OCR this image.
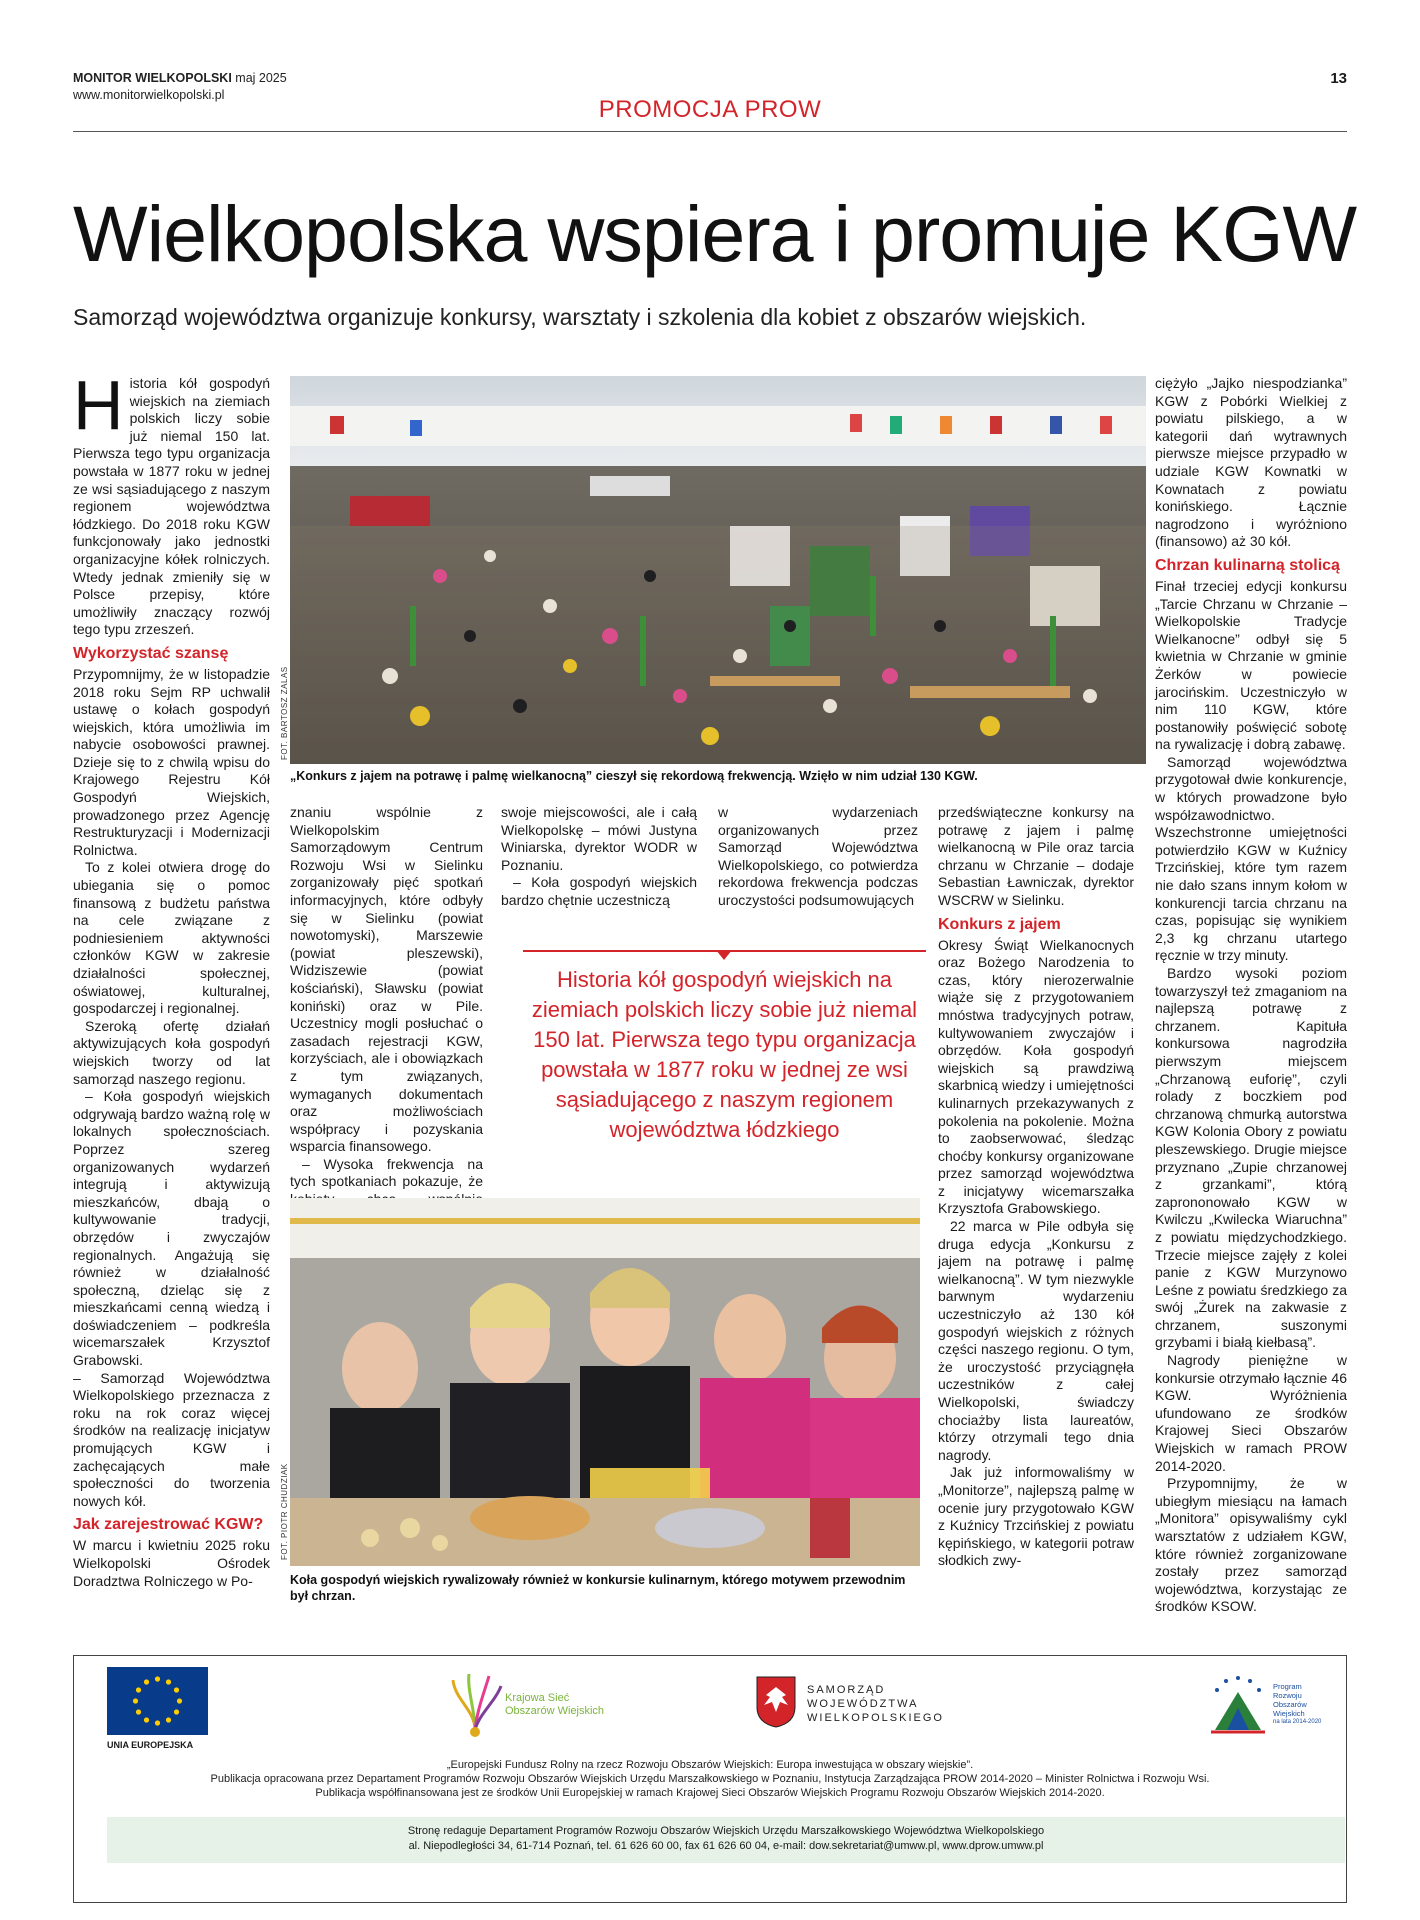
MONITOR WIELKOPOLSKI maj 2025
www.monitorwielkopolski.pl
13
PROMOCJA PROW
Wielkopolska wspiera i promuje KGW
Samorząd województwa organizuje konkursy, warsztaty i szkolenia dla kobiet z obszarów wiejskich.

Historia kół gospodyń wiejskich na ziemiach polskich liczy sobie już niemal 150 lat. Pierwsza tego typu organizacja powstała w 1877 roku w jednej ze wsi sąsiadującego z naszym regionem województwa łódzkiego. Do 2018 roku KGW funkcjonowały jako jednostki organizacyjne kółek rolniczych. Wtedy jednak zmieniły się w Polsce przepisy, które umożliwiły znaczący rozwój tego typu zrzeszeń.

Wykorzystać szansę

Przypomnijmy, że w listopadzie 2018 roku Sejm RP uchwalił ustawę o kołach gospodyń wiejskich, która umożliwia im nabycie osobowości prawnej. Dzieje się to z chwilą wpisu do Krajowego Rejestru Kół Gospodyń Wiejskich, prowadzonego przez Agencję Restrukturyzacji i Modernizacji Rolnictwa.

To z kolei otwiera drogę do ubiegania się o pomoc finansową z budżetu państwa na cele związane z podniesieniem aktywności członków KGW w zakresie działalności społecznej, oświatowej, kulturalnej, gospodarczej i regionalnej.

Szeroką ofertę działań aktywizujących koła gospodyń wiejskich tworzy od lat samorząd naszego regionu.

– Koła gospodyń wiejskich odgrywają bardzo ważną rolę w lokalnych społecznościach. Poprzez szereg organizowanych wydarzeń integrują i aktywizują mieszkańców, dbają o kultywowanie tradycji, obrzędów i zwyczajów regionalnych. Angażują się również w działalność społeczną, dzieląc się z mieszkańcami cenną wiedzą i doświadczeniem – podkreśla wicemarszałek Krzysztof Grabowski.

– Samorząd Województwa Wielkopolskiego przeznacza z roku na rok coraz więcej środków na realizację inicjatyw promujących KGW i zachęcających małe społeczności do tworzenia nowych kół.

Jak zarejestrować KGW?

W marcu i kwietniu 2025 roku Wielkopolski Ośrodek Doradztwa Rolniczego w Po-

FOT. BARTOSZ ZALAS
„Konkurs z jajem na potrawę i palmę wielkanocną” cieszył się rekordową frekwencją. Wzięło w nim udział 130 KGW.

znaniu wspólnie z Wielkopolskim Samorządowym Centrum Rozwoju Wsi w Sielinku zorganizowały pięć spotkań informacyjnych, które odbyły się w Sielinku (powiat nowotomyski), Marszewie (powiat pleszewski), Widziszewie (powiat kościański), Sławsku (powiat koniński) oraz w Pile. Uczestnicy mogli posłuchać o zasadach rejestracji KGW, korzyściach, ale i obowiązkach z tym związanych, wymaganych dokumentach oraz możliwościach współpracy i pozyskania wsparcia finansowego.

– Wysoka frekwencja na tych spotkaniach pokazuje, że

swoje miejscowości, ale i całą Wielkopolskę – mówi Justyna Winiarska, dyrektor WODR w Poznaniu.

– Koła gospodyń wiejskich bardzo chętnie uczestniczą

w wydarzeniach organizowanych przez Samorząd Województwa Wielkopolskiego, co potwierdza rekordowa frekwencja podczas uroczystości podsumowujących

Historia kół gospodyń wiejskich na ziemiach polskich liczy sobie już niemal 150 lat. Pierwsza tego typu organizacja powstała w 1877 roku w jednej ze wsi sąsiadującego z naszym regionem województwa łódzkiego
FOT. PIOTR CHUDZIAK
Koła gospodyń wiejskich rywalizowały również w konkursie kulinarnym, którego motywem przewodnim był chrzan.

przedświąteczne konkursy na potrawę z jajem i palmę wielkanocną w Pile oraz tarcia chrzanu w Chrzanie – dodaje Sebastian Ławniczak, dyrektor WSCRW w Sielinku.

Konkurs z jajem

Okresy Świąt Wielkanocnych oraz Bożego Narodzenia to czas, który nierozerwalnie wiąże się z przygotowaniem mnóstwa tradycyjnych potraw, kultywowaniem zwyczajów i obrzędów. Koła gospodyń wiejskich są prawdziwą skarbnicą wiedzy i umiejętności kulinarnych przekazywanych z pokolenia na pokolenie. Można to zaobserwować, śledząc choćby konkursy organizowane przez samorząd województwa z inicjatywy wicemarszałka Krzysztofa Grabowskiego.

22 marca w Pile odbyła się druga edycja „Konkursu z jajem na potrawę i palmę wielkanocną”. W tym niezwykle barwnym wydarzeniu uczestniczyło aż 130 kół gospodyń wiejskich z różnych części naszego regionu. O tym, że uroczystość przyciągnęła uczestników z całej Wielkopolski, świadczy chociażby lista laureatów, którzy otrzymali tego dnia nagrody.

Jak już informowaliśmy w „Monitorze”, najlepszą palmę w ocenie jury przygotowało KGW z Kuźnicy Trzcińskiej z powiatu kępińskiego, w kategorii potraw słodkich zwy-

ciężyło „Jajko niespodzianka” KGW z Pobórki Wielkiej z powiatu pilskiego, a w kategorii dań wytrawnych pierwsze miejsce przypadło w udziale KGW Kownatki w Kownatach z powiatu konińskiego. Łącznie nagrodzono i wyróżniono (finansowo) aż 30 kół.

Chrzan kulinarną stolicą

Finał trzeciej edycji konkursu „Tarcie Chrzanu w Chrzanie – Wielkopolskie Tradycje Wielkanocne” odbył się 5 kwietnia w Chrzanie w gminie Żerków w powiecie jarocińskim. Uczestniczyło w nim 110 KGW, które postanowiły poświęcić sobotę na rywalizację i dobrą zabawę.

Samorząd województwa przygotował dwie konkurencje, w których prowadzone było współzawodnictwo. Wszechstronne umiejętności potwierdziło KGW w Kuźnicy Trzcińskiej, które tym razem nie dało szans innym kołom w konkurencji tarcia chrzanu na czas, popisując się wynikiem 2,3 kg chrzanu utartego ręcznie w trzy minuty.

Bardzo wysoki poziom towarzyszył też zmaganiom na najlepszą potrawę z chrzanem. Kapituła konkursowa nagrodziła pierwszym miejscem „Chrzanową euforię”, czyli rolady z boczkiem pod chrzanową chmurką autorstwa KGW Kolonia Obory z powiatu pleszewskiego. Drugie miejsce przyznano „Zupie chrzanowej z grzankami”, którą zaprononowało KGW w Kwilczu „Kwilecka Wiaruchna” z powiatu międzychodzkiego. Trzecie miejsce zajęły z kolei panie z KGW Murzynowo Leśne z powiatu średzkiego za swój „Żurek na zakwasie z chrzanem, suszonymi grzybami i białą kiełbasą”.

Nagrody pieniężne w konkursie otrzymało łącznie 46 KGW. Wyróżnienia ufundowano ze środków Krajowej Sieci Obszarów Wiejskich w ramach PROW 2014-2020.

Przypomnijmy, że w ubiegłym miesiącu na łamach „Monitora” opisywaliśmy cykl warsztatów z udziałem KGW, które również zorganizowane zostały przez samorząd województwa, korzystając ze środków KSOW.

UNIA EUROPEJSKA
Krajowa Sieć
Obszarów Wiejskich
SAMORZĄD
WOJEWÓDZTWA
WIELKOPOLSKIEGO
Program
Rozwoju
Obszarów
Wiejskich
na lata 2014-2020
„Europejski Fundusz Rolny na rzecz Rozwoju Obszarów Wiejskich: Europa inwestująca w obszary wiejskie”.
Publikacja opracowana przez Departament Programów Rozwoju Obszarów Wiejskich Urzędu Marszałkowskiego w Poznaniu, Instytucja Zarządzająca PROW 2014-2020 – Minister Rolnictwa i Rozwoju Wsi.
Publikacja współfinansowana jest ze środków Unii Europejskiej w ramach Krajowej Sieci Obszarów Wiejskich Programu Rozwoju Obszarów Wiejskich 2014-2020.
Stronę redaguje Departament Programów Rozwoju Obszarów Wiejskich Urzędu Marszałkowskiego Województwa Wielkopolskiego
al. Niepodległości 34, 61-714 Poznań, tel. 61 626 60 00, fax 61 626 60 04, e-mail: dow.sekretariat@umww.pl, www.dprow.umww.pl
